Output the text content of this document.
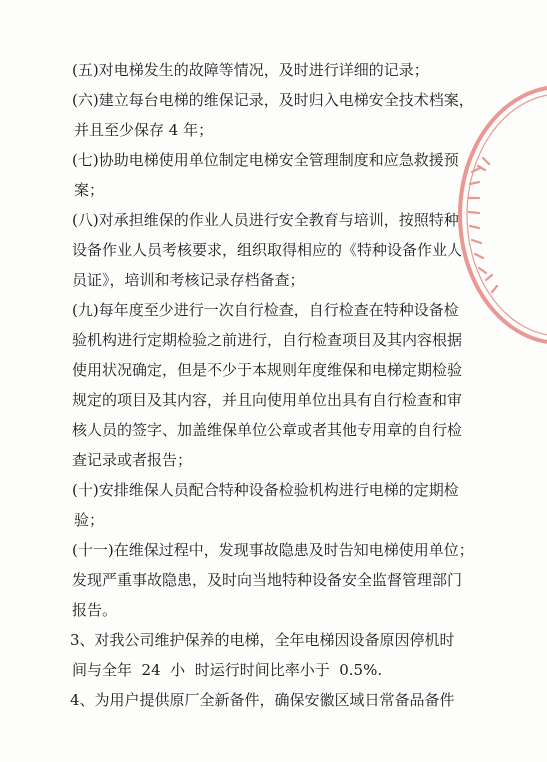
(五)对电梯发生的故障等情况，及时进行详细的记录；
(六)建立每台电梯的维保记录，及时归入电梯安全技术档案，
并且至少保存 4 年；
(七)协助电梯使用单位制定电梯安全管理制度和应急救援预
案；
(八)对承担维保的作业人员进行安全教育与培训，按照特种
设备作业人员考核要求，组织取得相应的《特种设备作业人
员证》，培训和考核记录存档备查；
(九)每年度至少进行一次自行检查，自行检查在特种设备检
验机构进行定期检验之前进行，自行检查项目及其内容根据
使用状况确定，但是不少于本规则年度维保和电梯定期检验
规定的项目及其内容，并且向使用单位出具有自行检查和审
核人员的签字、加盖维保单位公章或者其他专用章的自行检
查记录或者报告；
(十)安排维保人员配合特种设备检验机构进行电梯的定期检
验；
(十一)在维保过程中，发现事故隐患及时告知电梯使用单位；
发现严重事故隐患，及时向当地特种设备安全监督管理部门
报告。
3、对我公司维护保养的电梯，全年电梯因设备原因停机时
间与全年  24  小  时运行时间比率小于  0.5%.
4、为用户提供原厂全新备件，确保安徽区域日常备品备件
